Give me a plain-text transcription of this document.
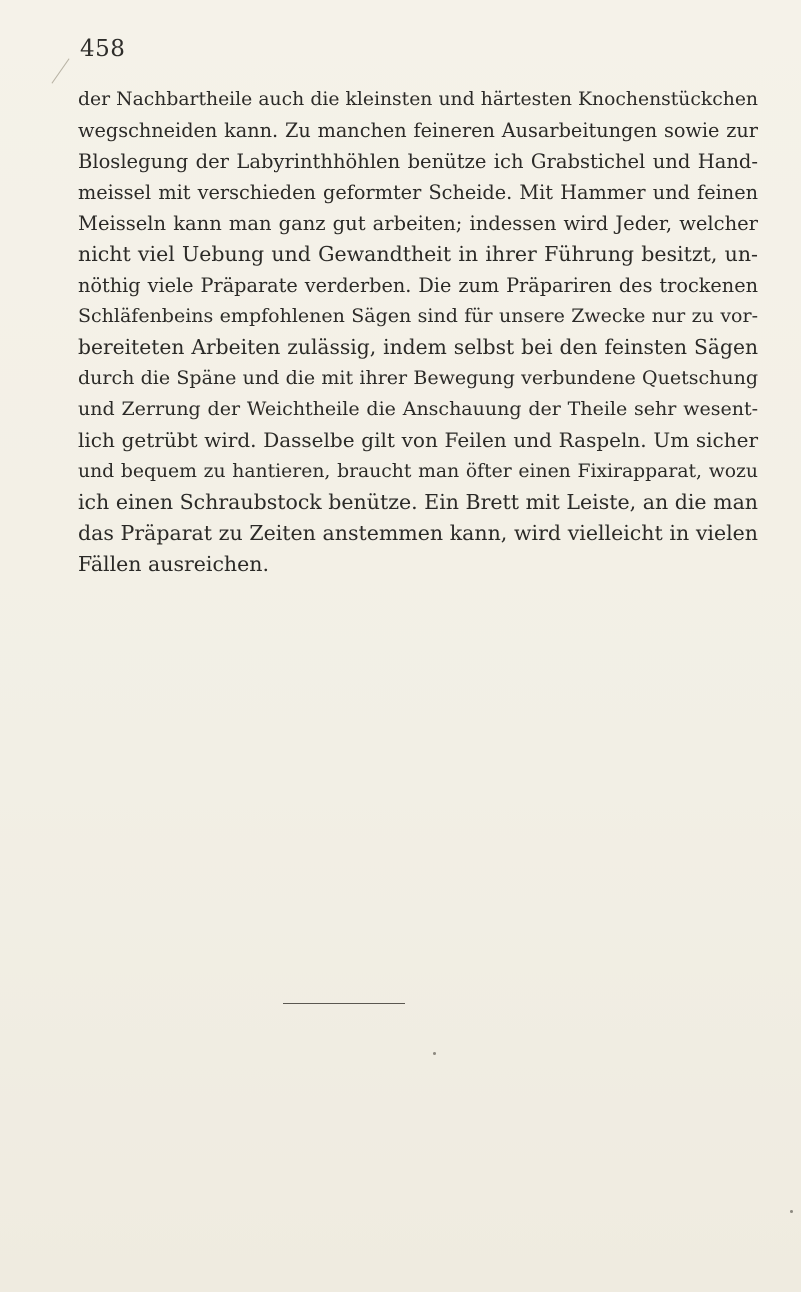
458
der Nachbartheile auch die kleinsten und härtesten Knochenstückchen
wegschneiden kann. Zu manchen feineren Ausarbeitungen sowie zur
Bloslegung der Labyrinthhöhlen benütze ich Grabstichel und Hand-
meissel mit verschieden geformter Scheide. Mit Hammer und feinen
Meisseln kann man ganz gut arbeiten; indessen wird Jeder, welcher
nicht viel Uebung und Gewandtheit in ihrer Führung besitzt, un-
nöthig viele Präparate verderben. Die zum Präpariren des trockenen
Schläfenbeins empfohlenen Sägen sind für unsere Zwecke nur zu vor-
bereiteten Arbeiten zulässig, indem selbst bei den feinsten Sägen
durch die Späne und die mit ihrer Bewegung verbundene Quetschung
und Zerrung der Weichtheile die Anschauung der Theile sehr wesent-
lich getrübt wird. Dasselbe gilt von Feilen und Raspeln. Um sicher
und bequem zu hantieren, braucht man öfter einen Fixirapparat, wozu
ich einen Schraubstock benütze. Ein Brett mit Leiste, an die man
das Präparat zu Zeiten anstemmen kann, wird vielleicht in vielen
Fällen ausreichen.
